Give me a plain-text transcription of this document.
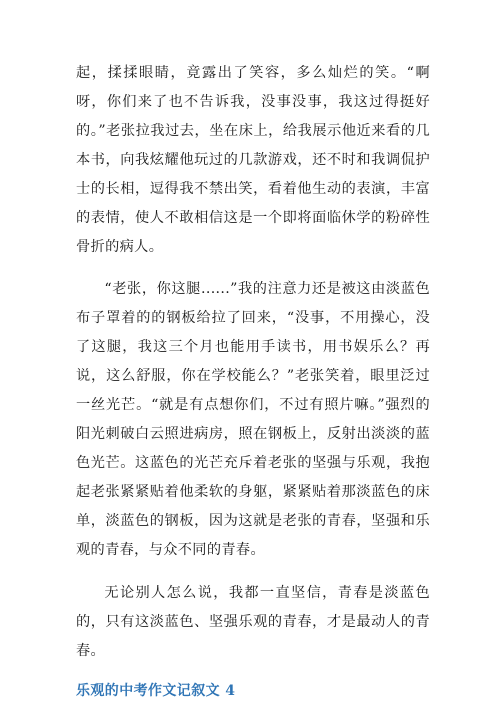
起，揉揉眼睛，竟露出了笑容，多么灿烂的笑。“啊呀，你们来了也不告诉我，没事没事，我这过得挺好的。”老张拉我过去，坐在床上，给我展示他近来看的几本书，向我炫耀他玩过的几款游戏，还不时和我调侃护士的长相，逗得我不禁出笑，看着他生动的表演，丰富的表情，使人不敢相信这是一个即将面临休学的粉碎性骨折的病人。

“老张，你这腿......”我的注意力还是被这由淡蓝色布子罩着的的钢板给拉了回来，“没事，不用操心，没了这腿，我这三个月也能用手读书，用书娱乐么？再说，这么舒服，你在学校能么？”老张笑着，眼里泛过一丝光芒。“就是有点想你们，不过有照片嘛。”强烈的阳光刺破白云照进病房，照在钢板上，反射出淡淡的蓝色光芒。这蓝色的光芒充斥着老张的坚强与乐观，我抱起老张紧紧贴着他柔软的身躯，紧紧贴着那淡蓝色的床单，淡蓝色的钢板，因为这就是老张的青春，坚强和乐观的青春，与众不同的青春。

无论别人怎么说，我都一直坚信，青春是淡蓝色的，只有这淡蓝色、坚强乐观的青春，才是最动人的青春。

乐观的中考作文记叙文 4
